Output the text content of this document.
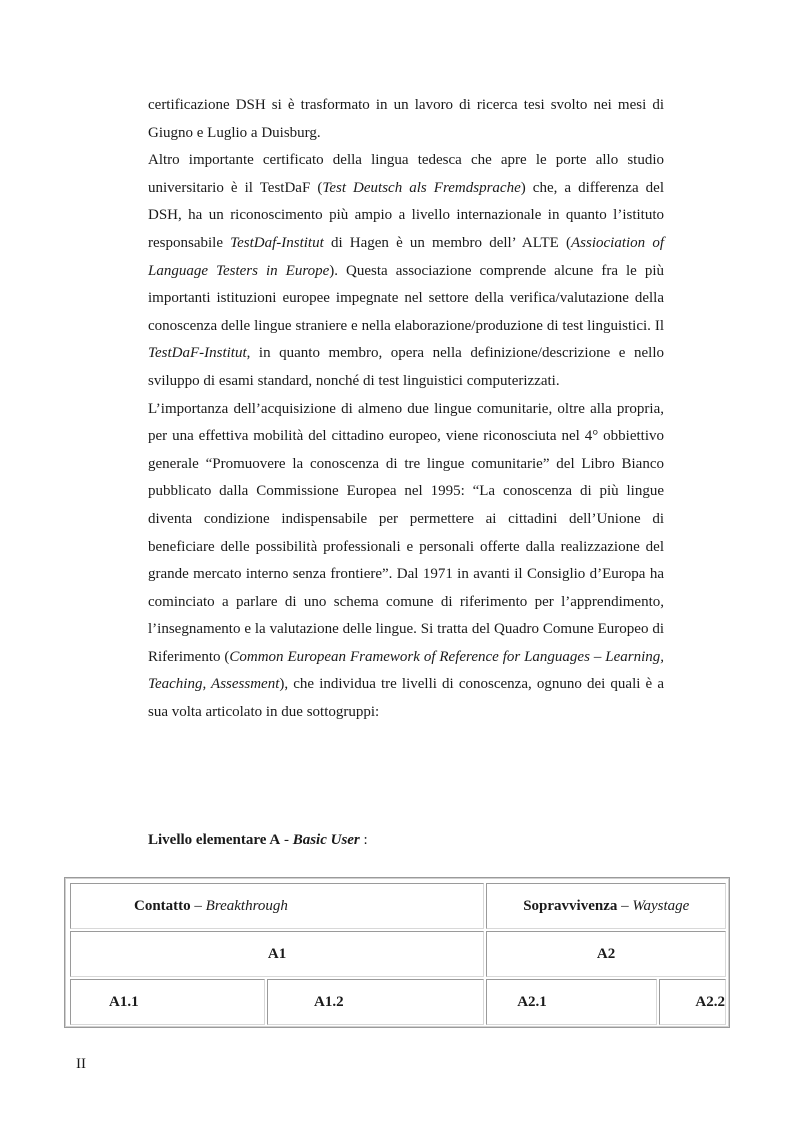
certificazione DSH si è trasformato in un lavoro di ricerca tesi svolto nei mesi di Giugno e Luglio a Duisburg.

Altro importante certificato della lingua tedesca che apre le porte allo studio universitario è il TestDaF (Test Deutsch als Fremdsprache) che, a differenza del DSH, ha un riconoscimento più ampio a livello internazionale in quanto l’istituto responsabile TestDaf-Institut di Hagen è un membro dell’ ALTE (Assiociation of Language Testers in Europe). Questa associazione comprende alcune fra le più importanti istituzioni europee impegnate nel settore della verifica/valutazione della conoscenza delle lingue straniere e nella elaborazione/produzione di test linguistici. Il TestDaF-Institut, in quanto membro, opera nella definizione/descrizione e nello sviluppo di esami standard, nonché di test linguistici computerizzati.

L’importanza dell’acquisizione di almeno due lingue comunitarie, oltre alla propria, per una effettiva mobilità del cittadino europeo, viene riconosciuta nel 4° obbiettivo generale “Promuovere la conoscenza di tre lingue comunitarie” del Libro Bianco pubblicato dalla Commissione Europea nel 1995: “La conoscenza di più lingue diventa condizione indispensabile per permettere ai cittadini dell’Unione di beneficiare delle possibilità professionali e personali offerte dalla realizzazione del grande mercato interno senza frontiere”. Dal 1971 in avanti il Consiglio d’Europa ha cominciato a parlare di uno schema comune di riferimento per l’apprendimento, l’insegnamento e la valutazione delle lingue. Si tratta del Quadro Comune Europeo di Riferimento (Common European Framework of Reference for Languages – Learning, Teaching, Assessment), che individua tre livelli di conoscenza, ognuno dei quali è a sua volta articolato in due sottogruppi:

Livello elementare A - Basic User :
Contatto – Breakthrough		Sopravvivenza – Waystage	
A1		A2	
A1.1	A1.2	A2.1	A2.2
II
